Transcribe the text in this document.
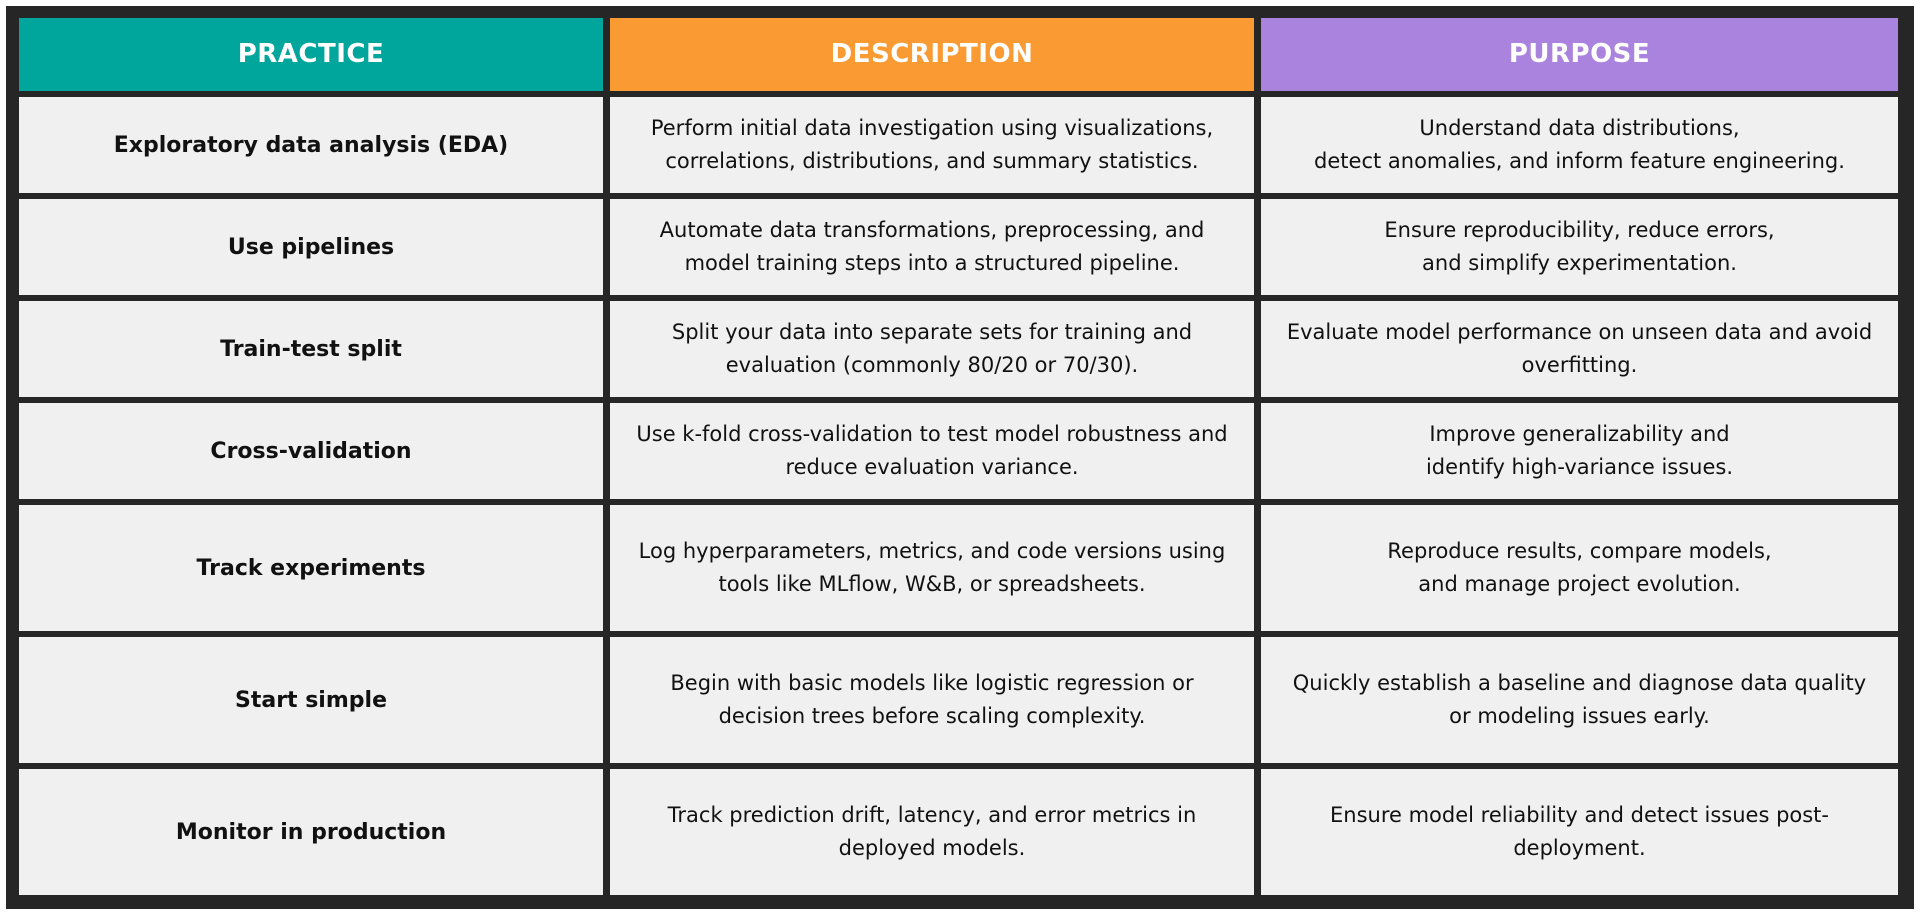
PRACTICE	DESCRIPTION	PURPOSE
Exploratory data analysis (EDA)
Perform initial data investigation using visualizations,
correlations, distributions, and summary statistics.
Understand data distributions,
detect anomalies, and inform feature engineering.
Use pipelines
Automate data transformations, preprocessing, and
model training steps into a structured pipeline.
Ensure reproducibility, reduce errors,
and simplify experimentation.
Train-test split
Split your data into separate sets for training and
evaluation (commonly 80/20 or 70/30).
Evaluate model performance on unseen data and avoid
overfitting.
Cross-validation
Use k-fold cross-validation to test model robustness and
reduce evaluation variance.
Improve generalizability and
identify high-variance issues.
Track experiments
Log hyperparameters, metrics, and code versions using
tools like MLflow, W&B, or spreadsheets.
Reproduce results, compare models,
and manage project evolution.
Start simple
Begin with basic models like logistic regression or
decision trees before scaling complexity.
Quickly establish a baseline and diagnose data quality
or modeling issues early.
Monitor in production
Track prediction drift, latency, and error metrics in
deployed models.
Ensure model reliability and detect issues post-
deployment.
